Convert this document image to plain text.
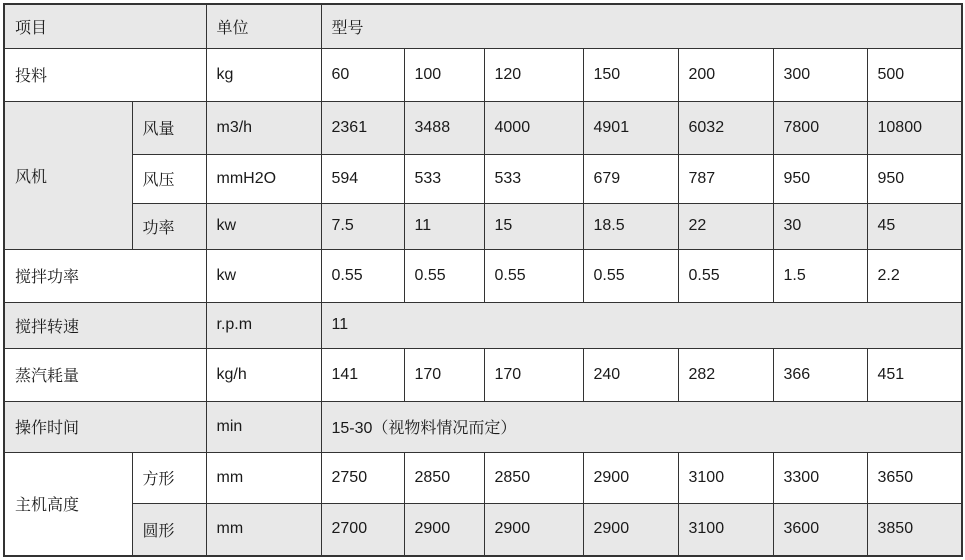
项目		单位	型号						
投料		kg	60	100	120	150	200	300	500
风机	风量	m3/h	2361	3488	4000	4901	6032	7800	10800
	风压	mmH2O	594	533	533	679	787	950	950
	功率	kw	7.5	11	15	18.5	22	30	45
搅拌功率		kw	0.55	0.55	0.55	0.55	0.55	1.5	2.2
搅拌转速		r.p.m	11						
蒸汽耗量		kg/h	141	170	170	240	282	366	451
操作时间		min	15-30（视物料情况而定）						
主机高度	方形	mm	2750	2850	2850	2900	3100	3300	3650
	圆形	mm	2700	2900	2900	2900	3100	3600	3850
